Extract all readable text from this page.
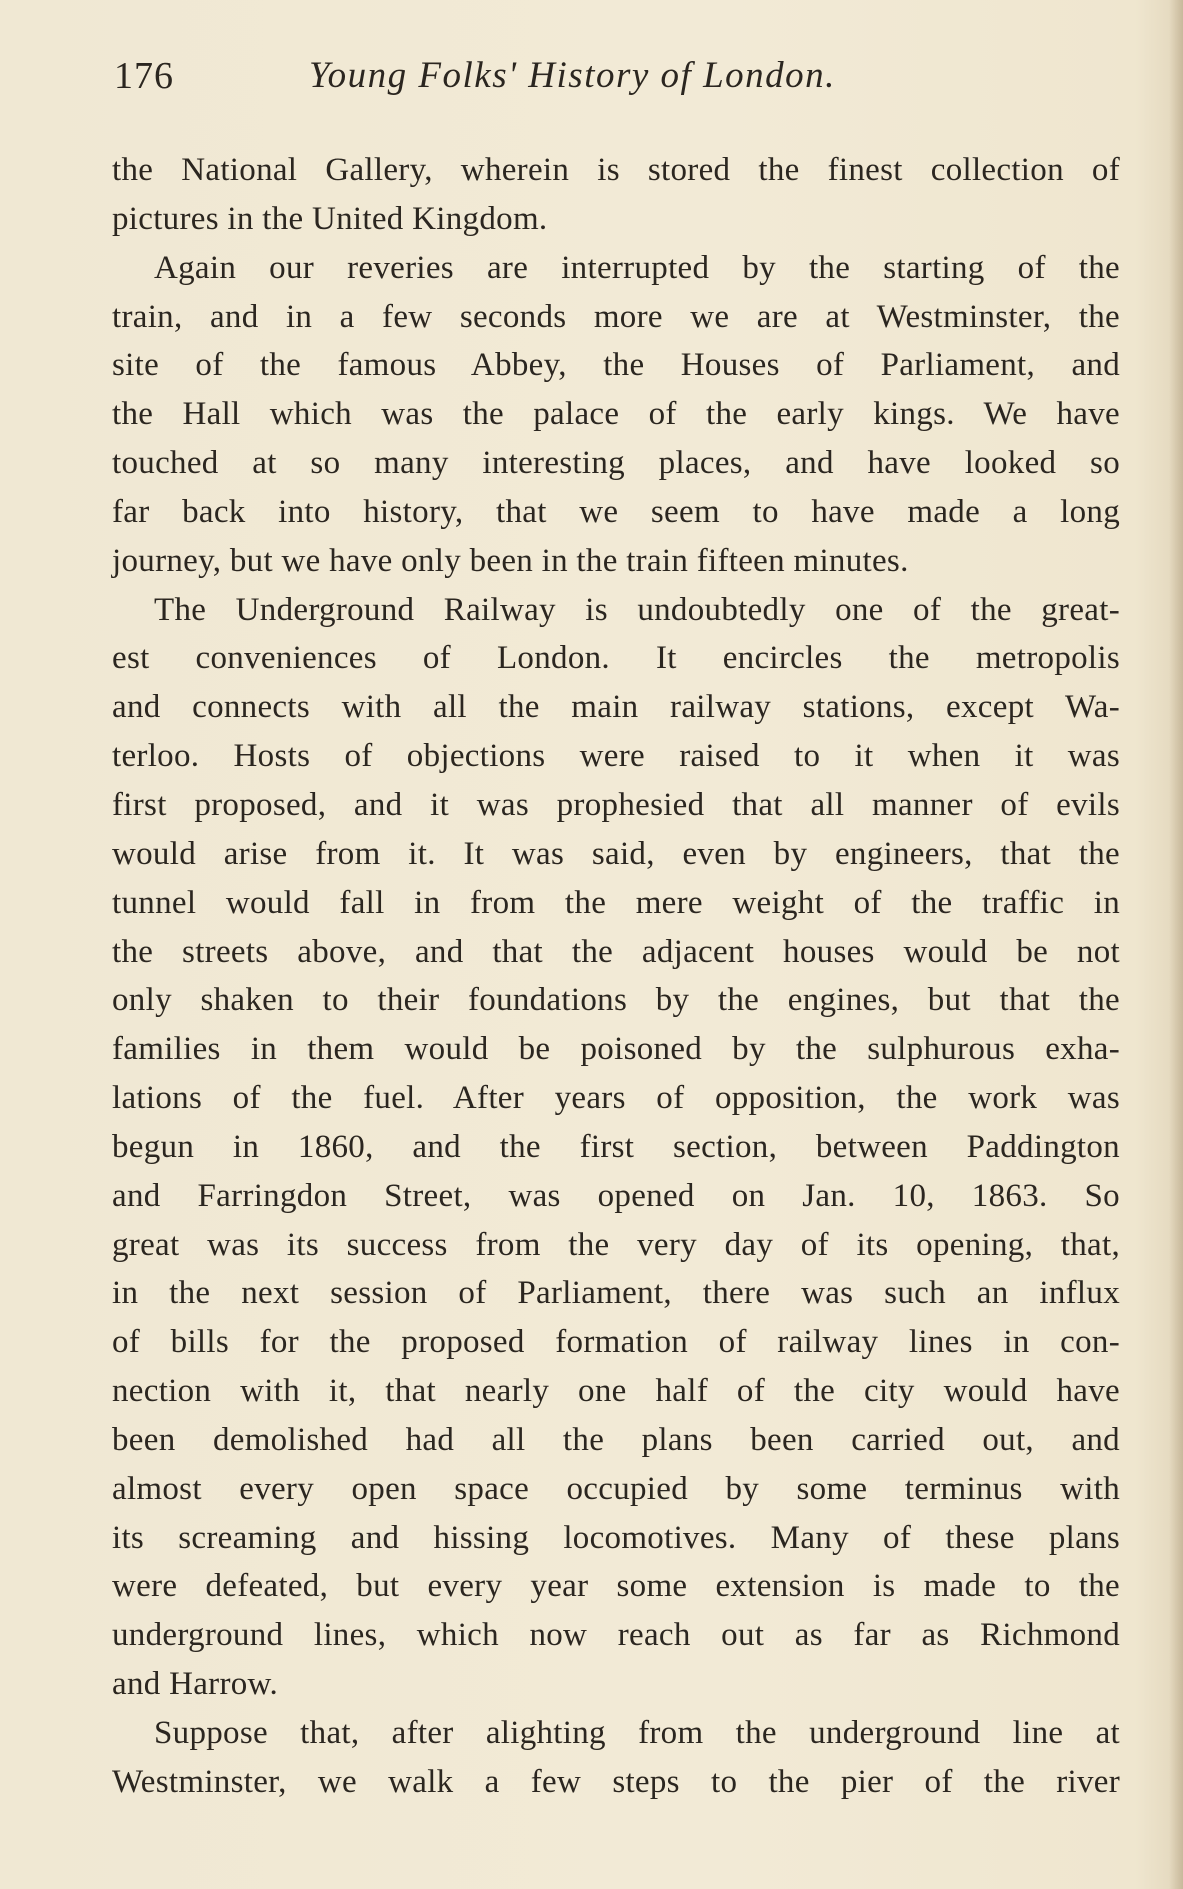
176	Young Folks' History of London.
the National Gallery, wherein is stored the finest collection of
pictures in the United Kingdom.
Again our reveries are interrupted by the starting of the
train, and in a few seconds more we are at Westminster, the
site of the famous Abbey, the Houses of Parliament, and
the Hall which was the palace of the early kings. We have
touched at so many interesting places, and have looked so
far back into history, that we seem to have made a long
journey, but we have only been in the train fifteen minutes.
The Underground Railway is undoubtedly one of the great-
est conveniences of London. It encircles the metropolis
and connects with all the main railway stations, except Wa-
terloo. Hosts of objections were raised to it when it was
first proposed, and it was prophesied that all manner of evils
would arise from it. It was said, even by engineers, that the
tunnel would fall in from the mere weight of the traffic in
the streets above, and that the adjacent houses would be not
only shaken to their foundations by the engines, but that the
families in them would be poisoned by the sulphurous exha-
lations of the fuel. After years of opposition, the work was
begun in 1860, and the first section, between Paddington
and Farringdon Street, was opened on Jan. 10, 1863. So
great was its success from the very day of its opening, that,
in the next session of Parliament, there was such an influx
of bills for the proposed formation of railway lines in con-
nection with it, that nearly one half of the city would have
been demolished had all the plans been carried out, and
almost every open space occupied by some terminus with
its screaming and hissing locomotives. Many of these plans
were defeated, but every year some extension is made to the
underground lines, which now reach out as far as Richmond
and Harrow.
Suppose that, after alighting from the underground line at
Westminster, we walk a few steps to the pier of the river
